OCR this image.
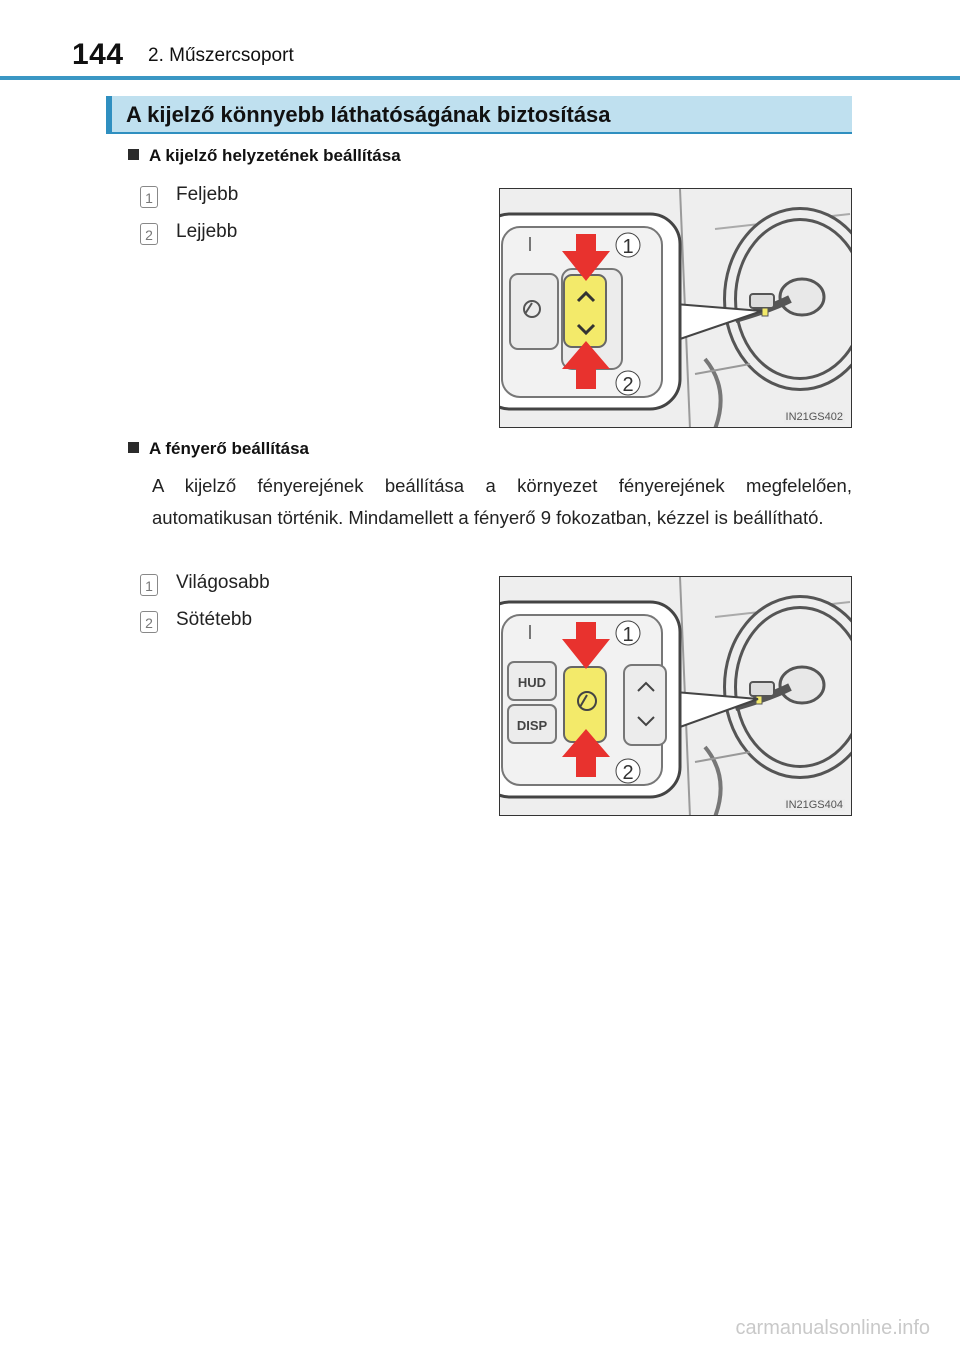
144 2. Műszercsoport
A kijelző könnyebb láthatóságának biztosítása
A kijelző helyzetének beállítása
1 Feljebb
2 Lejjebb
1
2
IN21GS402
A fényerő beállítása
A kijelző fényerejének beállítása a környezet fényerejének megfelelően, automatikusan történik. Mindamellett a fényerő 9 fokozatban, kézzel is beállítható.
1 Világosabb
2 Sötétebb
HUD
DISP
1
2
IN21GS404
carmanualsonline.info
